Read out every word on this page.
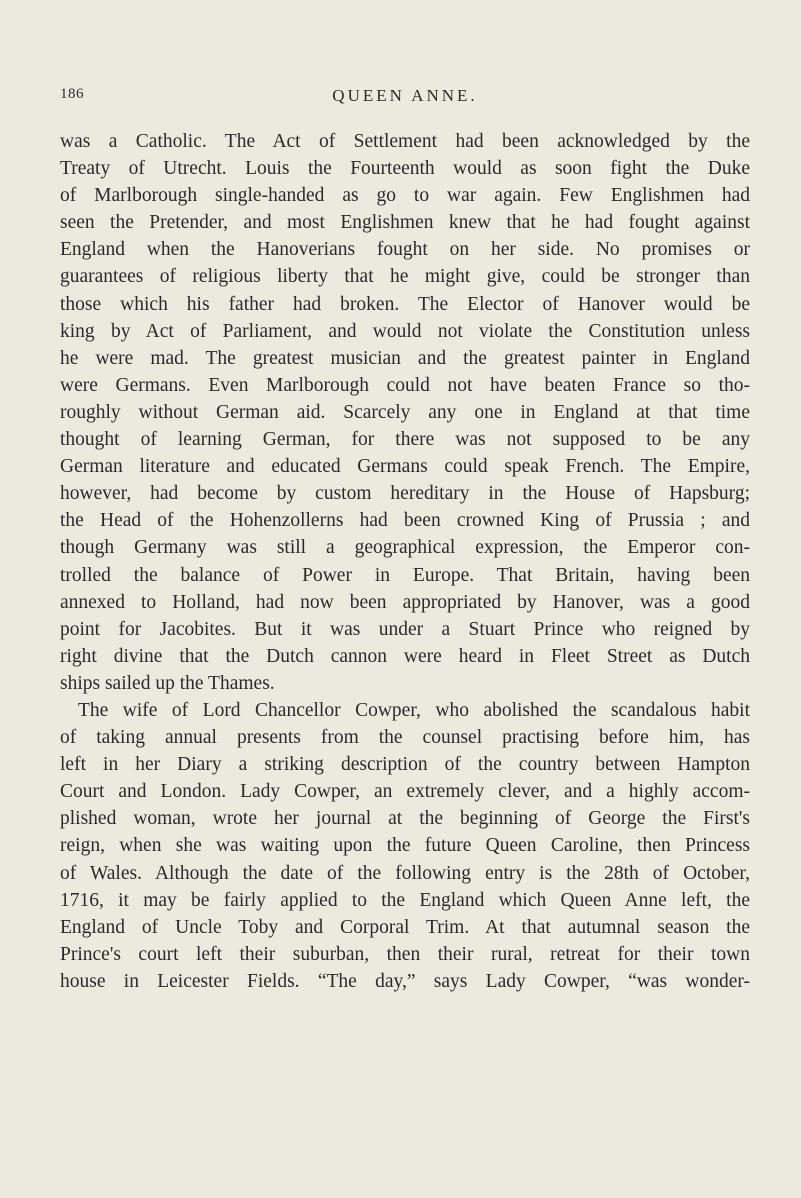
186	QUEEN ANNE.
was a Catholic. The Act of Settlement had been acknowledged by the
Treaty of Utrecht. Louis the Fourteenth would as soon fight the Duke
of Marlborough single-handed as go to war again. Few Englishmen had
seen the Pretender, and most Englishmen knew that he had fought against
England when the Hanoverians fought on her side. No promises or
guarantees of religious liberty that he might give, could be stronger than
those which his father had broken. The Elector of Hanover would be
king by Act of Parliament, and would not violate the Constitution unless
he were mad. The greatest musician and the greatest painter in England
were Germans. Even Marlborough could not have beaten France so tho-
roughly without German aid. Scarcely any one in England at that time
thought of learning German, for there was not supposed to be any
German literature and educated Germans could speak French. The Empire,
however, had become by custom hereditary in the House of Hapsburg;
the Head of the Hohenzollerns had been crowned King of Prussia ; and
though Germany was still a geographical expression, the Emperor con-
trolled the balance of Power in Europe. That Britain, having been
annexed to Holland, had now been appropriated by Hanover, was a good
point for Jacobites. But it was under a Stuart Prince who reigned by
right divine that the Dutch cannon were heard in Fleet Street as Dutch
ships sailed up the Thames.
The wife of Lord Chancellor Cowper, who abolished the scandalous habit
of taking annual presents from the counsel practising before him, has
left in her Diary a striking description of the country between Hampton
Court and London. Lady Cowper, an extremely clever, and a highly accom-
plished woman, wrote her journal at the beginning of George the First's
reign, when she was waiting upon the future Queen Caroline, then Princess
of Wales. Although the date of the following entry is the 28th of October,
1716, it may be fairly applied to the England which Queen Anne left, the
England of Uncle Toby and Corporal Trim. At that autumnal season the
Prince's court left their suburban, then their rural, retreat for their town
house in Leicester Fields. “The day,” says Lady Cowper, “was wonder-
